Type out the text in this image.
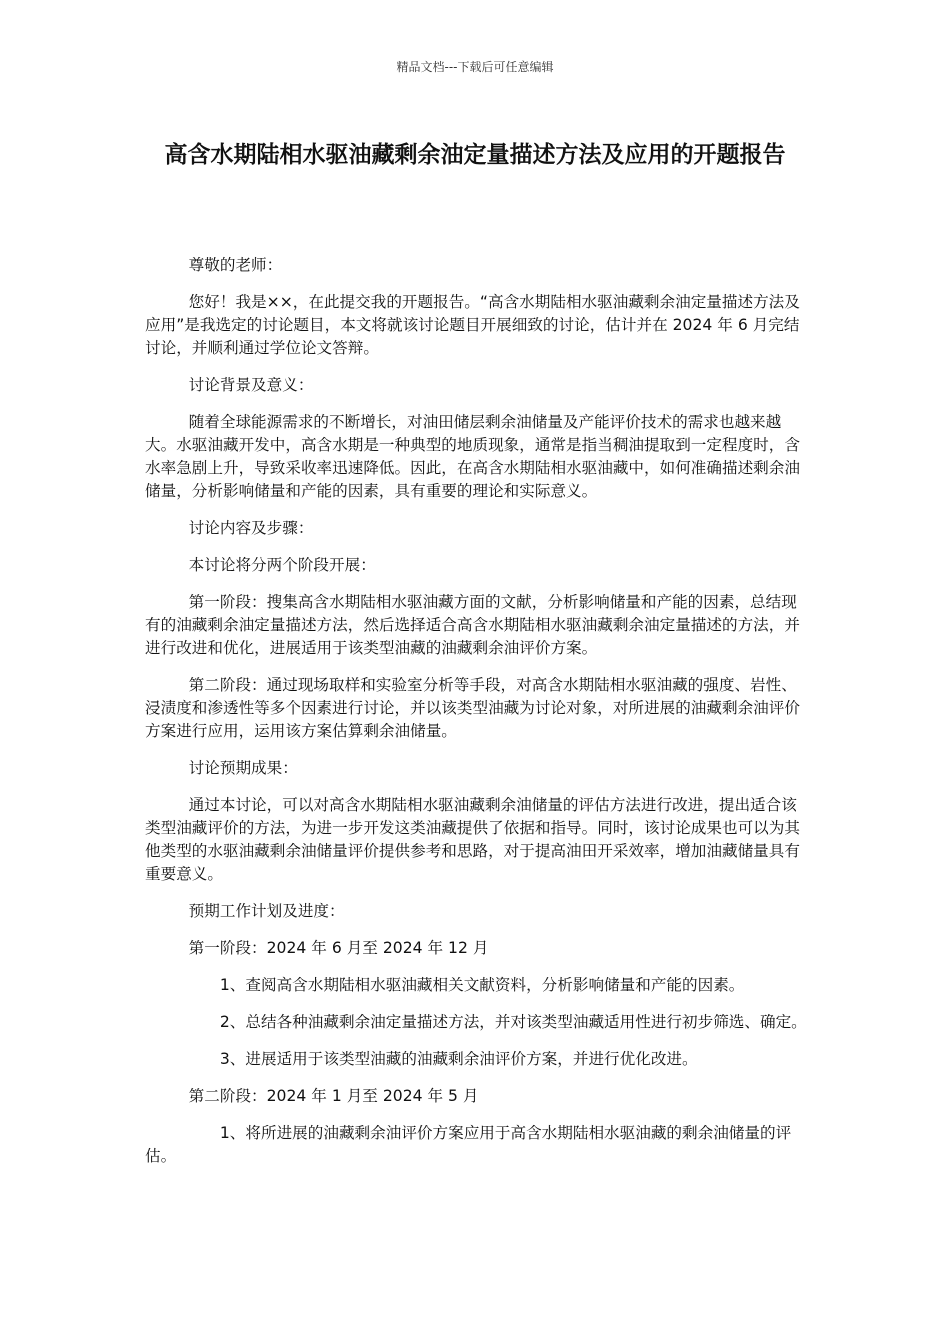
精品文档---下载后可任意编辑
高含水期陆相水驱油藏剩余油定量描述方法及应用的开题报告

尊敬的老师：

您好！我是××，在此提交我的开题报告。“高含水期陆相水驱油藏剩余油定量描述方法及应用”是我选定的讨论题目，本文将就该讨论题目开展细致的讨论，估计并在 2024 年 6 月完结讨论，并顺利通过学位论文答辩。

讨论背景及意义：

随着全球能源需求的不断增长，对油田储层剩余油储量及产能评价技术的需求也越来越大。水驱油藏开发中，高含水期是一种典型的地质现象，通常是指当稠油提取到一定程度时，含水率急剧上升，导致采收率迅速降低。因此，在高含水期陆相水驱油藏中，如何准确描述剩余油储量，分析影响储量和产能的因素，具有重要的理论和实际意义。

讨论内容及步骤：

本讨论将分两个阶段开展：

第一阶段：搜集高含水期陆相水驱油藏方面的文献，分析影响储量和产能的因素，总结现有的油藏剩余油定量描述方法，然后选择适合高含水期陆相水驱油藏剩余油定量描述的方法，并进行改进和优化，进展适用于该类型油藏的油藏剩余油评价方案。

第二阶段：通过现场取样和实验室分析等手段，对高含水期陆相水驱油藏的强度、岩性、浸渍度和渗透性等多个因素进行讨论，并以该类型油藏为讨论对象，对所进展的油藏剩余油评价方案进行应用，运用该方案估算剩余油储量。

讨论预期成果：

通过本讨论，可以对高含水期陆相水驱油藏剩余油储量的评估方法进行改进，提出适合该类型油藏评价的方法，为进一步开发这类油藏提供了依据和指导。同时，该讨论成果也可以为其他类型的水驱油藏剩余油储量评价提供参考和思路，对于提高油田开采效率，增加油藏储量具有重要意义。

预期工作计划及进度：

第一阶段：2024 年 6 月至 2024 年 12 月

1、查阅高含水期陆相水驱油藏相关文献资料，分析影响储量和产能的因素。

2、总结各种油藏剩余油定量描述方法，并对该类型油藏适用性进行初步筛选、确定。

3、进展适用于该类型油藏的油藏剩余油评价方案，并进行优化改进。

第二阶段：2024 年 1 月至 2024 年 5 月

1、将所进展的油藏剩余油评价方案应用于高含水期陆相水驱油藏的剩余油储量的评估。
